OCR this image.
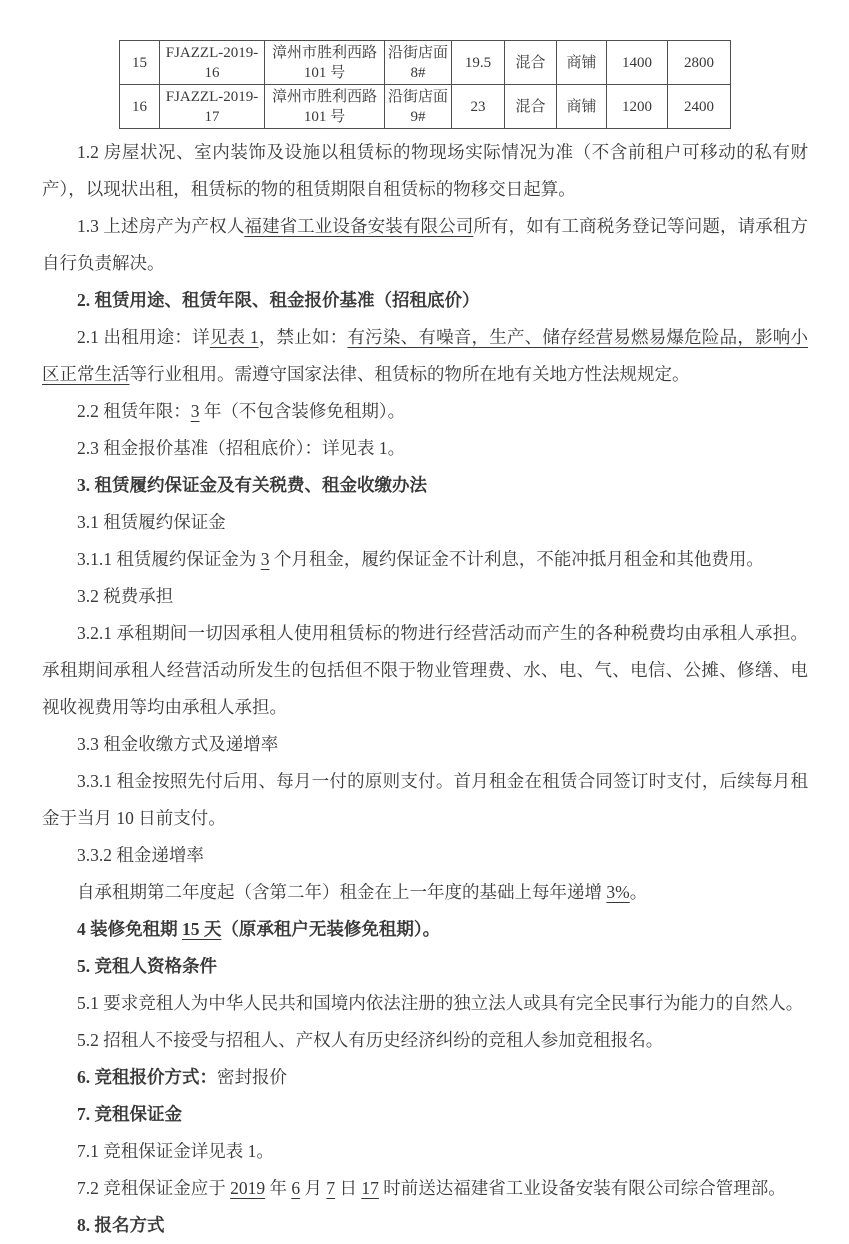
15	FJAZZL-2019-16	漳州市胜利西路 101 号	沿街店面 8#	19.5	混合	商铺	1400	2800
16	FJAZZL-2019-17	漳州市胜利西路 101 号	沿街店面 9#	23	混合	商铺	1200	2400

1.2 房屋状况、室内装饰及设施以租赁标的物现场实际情况为准（不含前租户可移动的私有财产），以现状出租，租赁标的物的租赁期限自租赁标的物移交日起算。

1.3 上述房产为产权人福建省工业设备安装有限公司所有，如有工商税务登记等问题，请承租方自行负责解决。

2. 租赁用途、租赁年限、租金报价基准（招租底价）

2.1 出租用途：详见表 1，禁止如：有污染、有噪音，生产、储存经营易燃易爆危险品，影响小区正常生活等行业租用。需遵守国家法律、租赁标的物所在地有关地方性法规规定。

2.2 租赁年限：3 年（不包含装修免租期）。

2.3 租金报价基准（招租底价）：详见表 1。

3. 租赁履约保证金及有关税费、租金收缴办法

3.1 租赁履约保证金

3.1.1 租赁履约保证金为 3 个月租金，履约保证金不计利息，不能冲抵月租金和其他费用。

3.2 税费承担

3.2.1 承租期间一切因承租人使用租赁标的物进行经营活动而产生的各种税费均由承租人承担。承租期间承租人经营活动所发生的包括但不限于物业管理费、水、电、气、电信、公摊、修缮、电视收视费用等均由承租人承担。

3.3 租金收缴方式及递增率

3.3.1 租金按照先付后用、每月一付的原则支付。首月租金在租赁合同签订时支付，后续每月租金于当月 10 日前支付。

3.3.2 租金递增率

自承租期第二年度起（含第二年）租金在上一年度的基础上每年递增 3%。

4 装修免租期 15 天（原承租户无装修免租期）。

5. 竞租人资格条件

5.1 要求竞租人为中华人民共和国境内依法注册的独立法人或具有完全民事行为能力的自然人。

5.2 招租人不接受与招租人、产权人有历史经济纠纷的竞租人参加竞租报名。

6. 竞租报价方式：密封报价

7. 竞租保证金

7.1 竞租保证金详见表 1。

7.2 竞租保证金应于 2019 年 6 月 7 日 17 时前送达福建省工业设备安装有限公司综合管理部。

8. 报名方式
